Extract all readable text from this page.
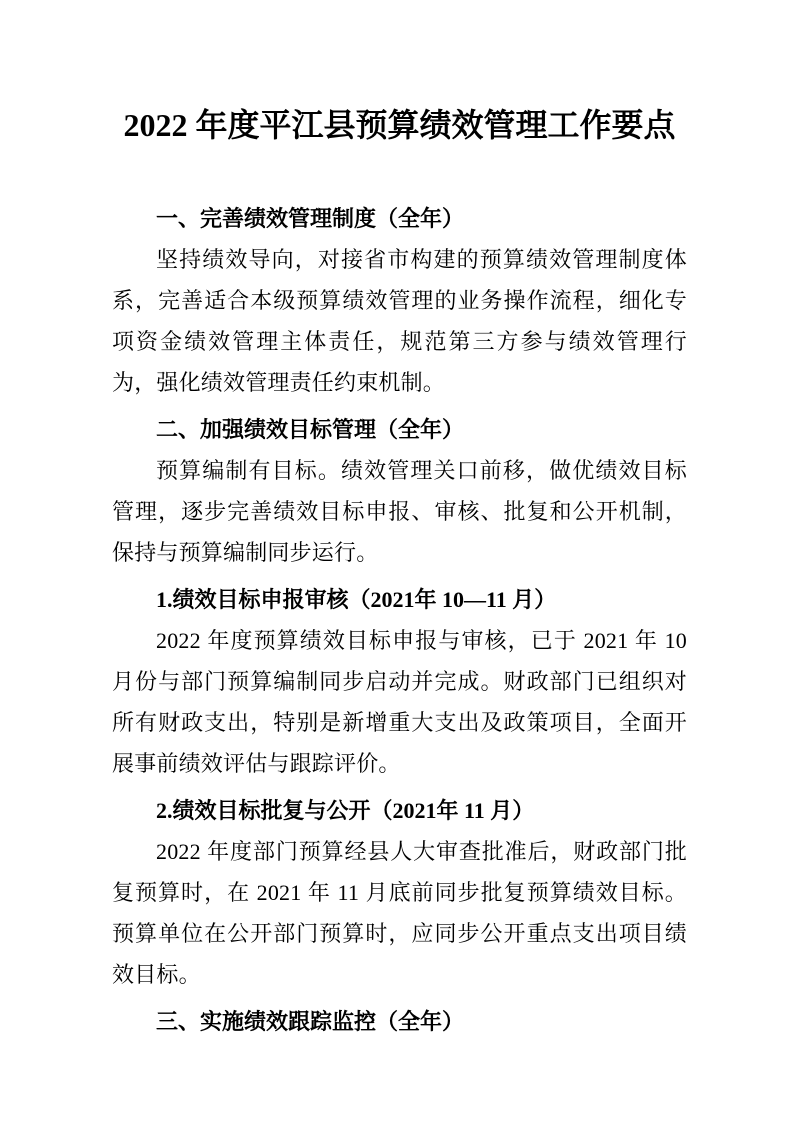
2022 年度平江县预算绩效管理工作要点
一、完善绩效管理制度（全年）

坚持绩效导向，对接省市构建的预算绩效管理制度体系，完善适合本级预算绩效管理的业务操作流程，细化专项资金绩效管理主体责任，规范第三方参与绩效管理行为，强化绩效管理责任约束机制。

二、加强绩效目标管理（全年）

预算编制有目标。绩效管理关口前移，做优绩效目标管理，逐步完善绩效目标申报、审核、批复和公开机制，保持与预算编制同步运行。

1.绩效目标申报审核（2021年 10—11 月）

2022 年度预算绩效目标申报与审核，已于 2021 年 10 月份与部门预算编制同步启动并完成。财政部门已组织对所有财政支出，特别是新增重大支出及政策项目，全面开展事前绩效评估与跟踪评价。

2.绩效目标批复与公开（2021年 11 月）

2022 年度部门预算经县人大审查批准后，财政部门批复预算时，在 2021 年 11 月底前同步批复预算绩效目标。预算单位在公开部门预算时，应同步公开重点支出项目绩效目标。

三、实施绩效跟踪监控（全年）
